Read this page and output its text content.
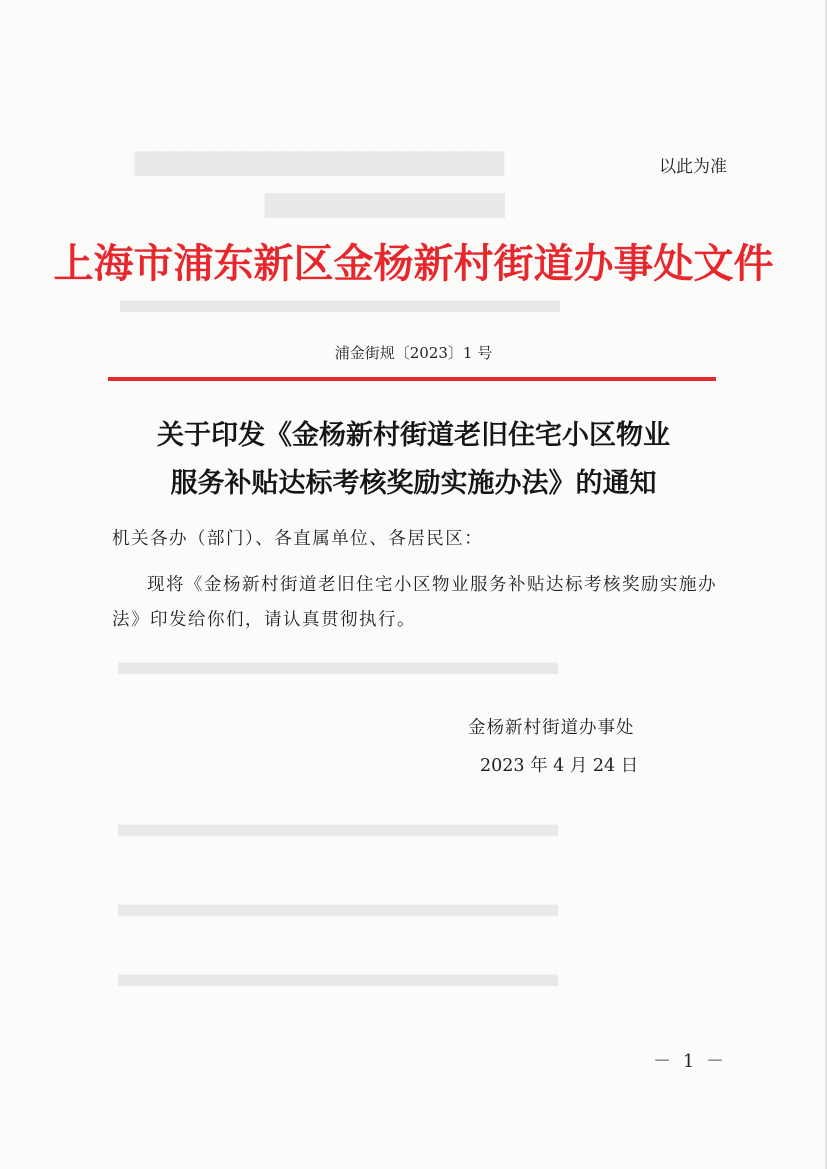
▇▇▇▇▇▇▇▇▇▇▇▇▇▇▇▇▇▇▇▇
▇▇▇▇▇▇▇▇▇▇▇▇▇
▆▆▆▆▆▆▆▆▆▆▆▆▆▆▆▆▆▆▆▆▆▆▆▆▆▆▆▆▆▆▆▆▆▆▆▆▆▆▆▆▆▆▆▆
▆▆▆▆▆▆▆▆▆▆▆▆▆▆▆▆▆▆▆▆▆▆▆▆▆▆▆▆▆▆▆▆▆▆▆▆▆▆▆▆▆▆▆▆
▆▆▆▆▆▆▆▆▆▆▆▆▆▆▆▆▆▆▆▆▆▆▆▆▆▆▆▆▆▆▆▆▆▆▆▆▆▆▆▆▆▆▆▆
▆▆▆▆▆▆▆▆▆▆▆▆▆▆▆▆▆▆▆▆▆▆▆▆▆▆▆▆▆▆▆▆▆▆▆▆▆▆▆▆▆▆▆▆
▆▆▆▆▆▆▆▆▆▆▆▆▆▆▆▆▆▆▆▆▆▆▆▆▆▆▆▆▆▆▆▆▆▆▆▆▆▆▆▆▆▆▆▆
以此为准
上海市浦东新区金杨新村街道办事处文件
浦金街规〔2023〕1 号
关于印发《金杨新村街道老旧住宅小区物业
服务补贴达标考核奖励实施办法》的通知
机关各办（部门）、各直属单位、各居民区：
现将《金杨新村街道老旧住宅小区物业服务补贴达标考核奖励实施办法》印发给你们，请认真贯彻执行。
金杨新村街道办事处
2023 年 4 月 24 日
－ 1 －
